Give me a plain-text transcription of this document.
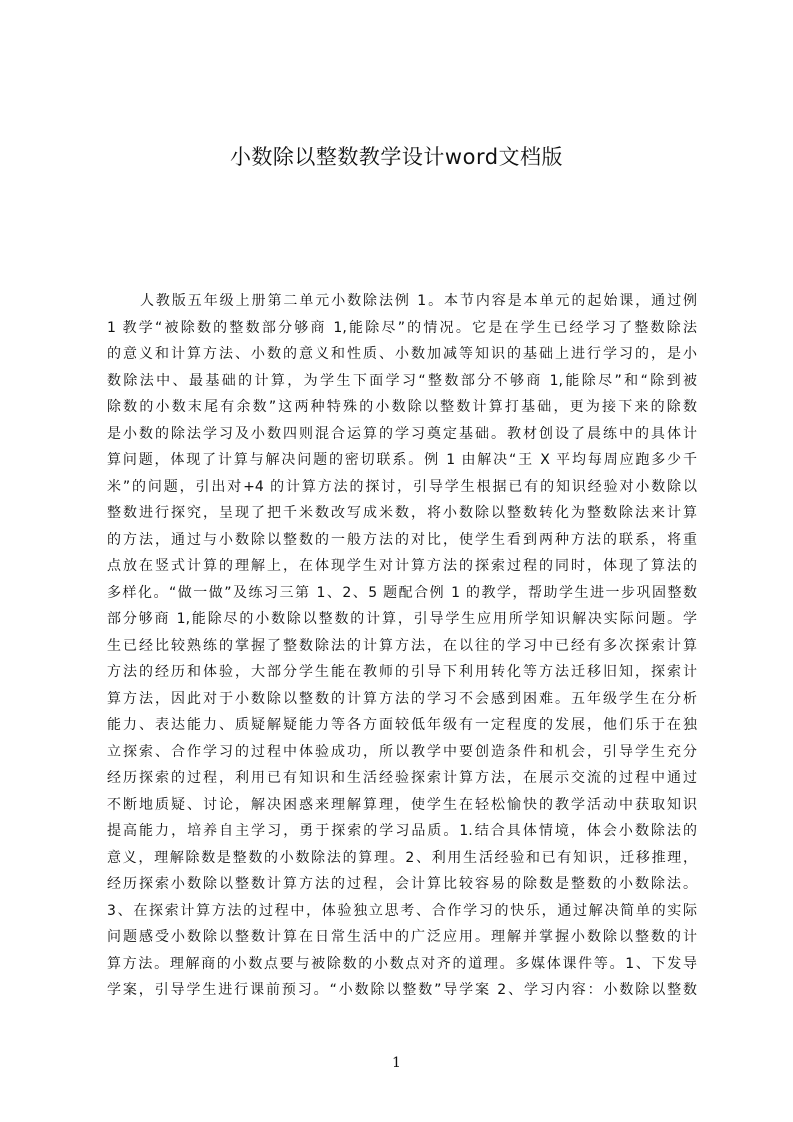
小数除以整数教学设计word文档版
人教版五年级上册第二单元小数除法例 1。本节内容是本单元的起始课，通过例
1 教学“被除数的整数部分够商 1,能除尽”的情况。它是在学生已经学习了整数除法
的意义和计算方法、小数的意义和性质、小数加减等知识的基础上进行学习的，是小
数除法中、最基础的计算，为学生下面学习“整数部分不够商 1,能除尽”和“除到被
除数的小数末尾有余数”这两种特殊的小数除以整数计算打基础，更为接下来的除数
是小数的除法学习及小数四则混合运算的学习奠定基础。教材创设了晨练中的具体计
算问题，体现了计算与解决问题的密切联系。例 1 由解决“王 X 平均每周应跑多少千
米”的问题，引出对+4 的计算方法的探讨，引导学生根据已有的知识经验对小数除以
整数进行探究，呈现了把千米数改写成米数，将小数除以整数转化为整数除法来计算
的方法，通过与小数除以整数的一般方法的对比，使学生看到两种方法的联系，将重
点放在竖式计算的理解上，在体现学生对计算方法的探索过程的同时，体现了算法的
多样化。“做一做”及练习三第 1、2、5 题配合例 1 的教学，帮助学生进一步巩固整数
部分够商 1,能除尽的小数除以整数的计算，引导学生应用所学知识解决实际问题。学
生已经比较熟练的掌握了整数除法的计算方法，在以往的学习中已经有多次探索计算
方法的经历和体验，大部分学生能在教师的引导下利用转化等方法迁移旧知，探索计
算方法，因此对于小数除以整数的计算方法的学习不会感到困难。五年级学生在分析
能力、表达能力、质疑解疑能力等各方面较低年级有一定程度的发展，他们乐于在独
立探索、合作学习的过程中体验成功，所以教学中要创造条件和机会，引导学生充分
经历探索的过程，利用已有知识和生活经验探索计算方法，在展示交流的过程中通过
不断地质疑、讨论，解决困惑来理解算理，使学生在轻松愉快的教学活动中获取知识
提高能力，培养自主学习，勇于探索的学习品质。1.结合具体情境，体会小数除法的
意义，理解除数是整数的小数除法的算理。2、利用生活经验和已有知识，迁移推理，
经历探索小数除以整数计算方法的过程，会计算比较容易的除数是整数的小数除法。
3、在探索计算方法的过程中，体验独立思考、合作学习的快乐，通过解决简单的实际
问题感受小数除以整数计算在日常生活中的广泛应用。理解并掌握小数除以整数的计
算方法。理解商的小数点要与被除数的小数点对齐的道理。多媒体课件等。1、下发导
学案，引导学生进行课前预习。“小数除以整数”导学案 2、学习内容：小数除以整数
1
